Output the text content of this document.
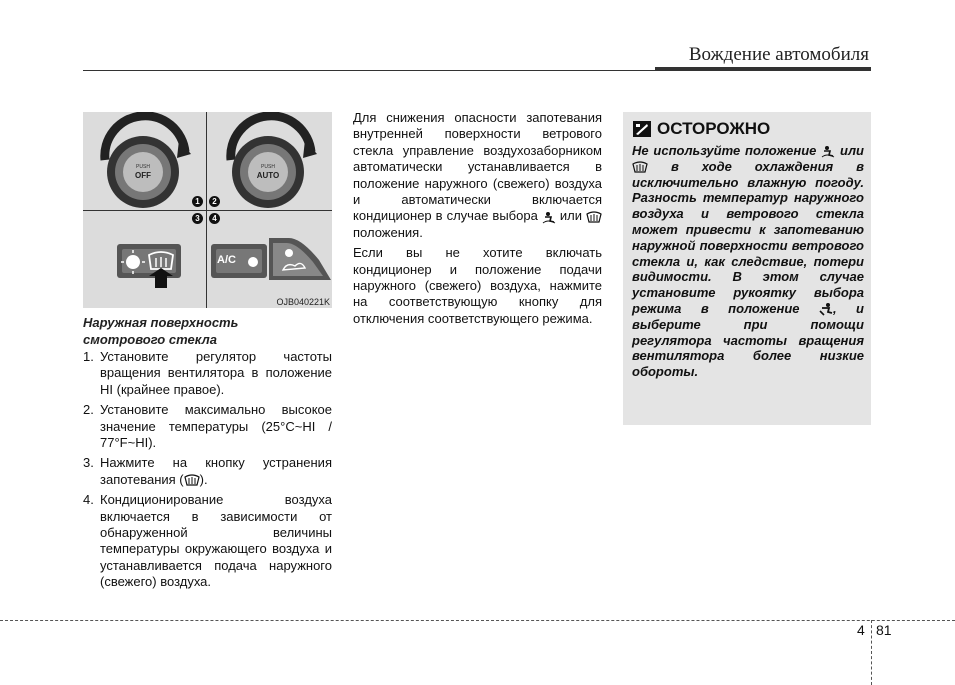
Вождение автомобиля
PUSH
OFF
PUSH
AUTO
A/C
1	2
3	4
OJB040221K
Наружная поверхность
смотрового стекла
1. Установите регулятор частоты вращения вентилятора в положение HI (крайнее правое).
2. Установите максимально высокое значение температуры (25°C~HI / 77°F~HI).
3. Нажмите на кнопку устранения запотевания ( ).
4. Кондиционирование воздуха включается в зависимости от обнаруженной величины температуры окружающего воздуха и устанавливается подача наружного (свежего) воздуха.

Для снижения опасности запотевания внутренней поверхности ветрового стекла управление воздухозаборником автоматически устанавливается в положение наружного (свежего) воздуха и автоматически включается кондиционер в случае выбора или  положения.

Если вы не хотите включать кондиционер и положение подачи наружного (свежего) воздуха, нажмите на соответствующую кнопку для отключения соответствующего режима.

ОСТОРОЖНО
Не используйте положение или  в ходе охлаждения в исключительно влажную погоду. Разность температур наружного воздуха и ветрового стекла может привести к запотеванию наружной поверхности ветрового стекла и, как следствие, потери видимости. В этом случае установите рукоятку выбора режима в положение	, и выберите при помощи регулятора частоты вращения вентилятора более низкие обороты.
4 81
